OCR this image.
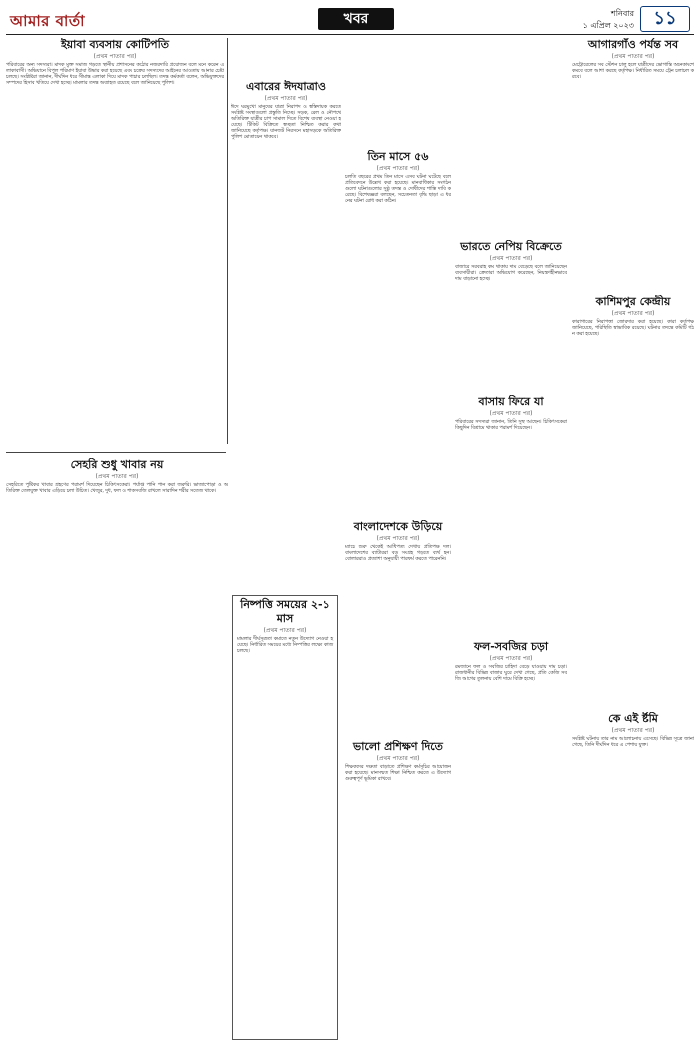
আমার বার্তা	খবর	শনিবার
১ এপ্রিল ২০২৩	১১
ইয়াবা ব্যবসায় কোটিপতি
(প্রথম পাতার পর)
পরিবারের অন্য সদস্যরা। মাদক মুক্ত সমাজ গড়তে স্থানীয় প্রশাসনের কঠোর নজরদারি প্রয়োজন বলে মনে করেন এলাকাবাসী। অভিযানে বিপুল পরিমাণ ইয়াবা উদ্ধার করা হয়েছে এবং চক্রের সদস্যদের আইনের আওতায় আনার চেষ্টা চলছে। সংশ্লিষ্টরা জানান, দীর্ঘদিন ধরে সীমান্ত এলাকা দিয়ে মাদক পাচার চলছিল। তদন্ত কর্মকর্তা বলেন, অভিযুক্তদের সম্পদের হিসাব খতিয়ে দেখা হচ্ছে। মামলার তদন্ত অব্যাহত রয়েছে বলে জানিয়েছে পুলিশ।	এবারের ঈদযাত্রাও
(প্রথম পাতার পর)
ঈদে ঘরমুখো মানুষের যাত্রা নিরাপদ ও স্বস্তিদায়ক করতে সংশ্লিষ্ট সংস্থাগুলো প্রস্তুতি নিচ্ছে। সড়ক, রেল ও নৌপথে অতিরিক্ত যাত্রীর চাপ সামাল দিতে বিশেষ ব্যবস্থা নেওয়া হয়েছে। টিকিট বিক্রিতে স্বচ্ছতা নিশ্চিত করার কথা জানিয়েছে কর্তৃপক্ষ। যানজট নিরসনে মহাসড়কে অতিরিক্ত পুলিশ মোতায়েন থাকবে।
তিন মাসে ৫৬
(প্রথম পাতার পর)
চলতি বছরের প্রথম তিন মাসে এসব ঘটনা ঘটেছে বলে প্রতিবেদনে উল্লেখ করা হয়েছে। মানবাধিকার সংগঠনগুলো ঘটনাগুলোর সুষ্ঠু তদন্ত ও দোষীদের শাস্তি দাবি করেছে। বিশেষজ্ঞরা বলছেন, সচেতনতা বৃদ্ধি ছাড়া এ ধরনের ঘটনা রোধ করা কঠিন।
ভারতে নেপিয় বিক্রেতে
(প্রথম পাতার পর)
বাজারে সরবরাহ কম থাকায় দাম বেড়েছে বলে জানিয়েছেন ব্যবসায়ীরা। ক্রেতারা অভিযোগ করেছেন, নিয়ন্ত্রণহীনভাবে দাম বাড়ানো হচ্ছে।
আগারগাঁও পর্যন্ত সব
(প্রথম পাতার পর)
মেট্রোরেলের সব স্টেশন চালু হলে যাত্রীদের ভোগান্তি অনেকাংশে কমবে বলে আশা করছে কর্তৃপক্ষ। নির্ধারিত সময়ে ট্রেন চলাচল করবে।
কাশিমপুর কেন্দ্রীয়
(প্রথম পাতার পর)
কারাগারের নিরাপত্তা জোরদার করা হয়েছে। কারা কর্তৃপক্ষ জানিয়েছে, পরিস্থিতি স্বাভাবিক রয়েছে। ঘটনার তদন্তে কমিটি গঠন করা হয়েছে।
বাসায় ফিরে যা
(প্রথম পাতার পর)
পরিবারের সদস্যরা জানান, তিনি সুস্থ আছেন। চিকিৎসকেরা কিছুদিন বিশ্রামে থাকার পরামর্শ দিয়েছেন।
বাংলাদেশকে উড়িয়ে
(প্রথম পাতার পর)
ম্যাচে শুরু থেকেই আধিপত্য দেখায় প্রতিপক্ষ দল। বাংলাদেশের ব্যাটাররা বড় সংগ্রহ গড়তে ব্যর্থ হন। বোলাররাও প্রত্যাশা অনুযায়ী পারফর্ম করতে পারেননি।
ফল-সবজির চড়া
(প্রথম পাতার পর)
রমজানে ফল ও সবজির চাহিদা বেড়ে যাওয়ায় দাম চড়া। রাজধানীর বিভিন্ন বাজার ঘুরে দেখা গেছে, প্রতি কেজি সবজি আগের তুলনায় বেশি দামে বিক্রি হচ্ছে।
কে এই র্ষ্টমি
(প্রথম পাতার পর)
সংশ্লিষ্ট ঘটনায় তার নাম আলোচনায় এসেছে। বিভিন্ন সূত্রে জানা গেছে, তিনি দীর্ঘদিন ধরে এ পেশায় যুক্ত।
সেহরি শুধু খাবার নয়
(প্রথম পাতার পর)
সেহরিতে পুষ্টিকর খাবার গ্রহণের পরামর্শ দিয়েছেন চিকিৎসকেরা। পর্যাপ্ত পানি পান করা জরুরি। ভাজাপোড়া ও অতিরিক্ত তেলযুক্ত খাবার এড়িয়ে চলা উচিত। খেজুর, দুধ, ফল ও শাকসবজি রাখলে সারাদিন শরীর সতেজ থাকে।
নিষ্পত্তি সময়ের ২-১ মাস
(প্রথম পাতার পর)
মামলার দীর্ঘসূত্রতা কমাতে নতুন উদ্যোগ নেওয়া হয়েছে। নির্ধারিত সময়ের মধ্যে নিষ্পত্তির লক্ষ্যে কাজ চলছে।
ভালো প্রশিক্ষণ দিতে
(প্রথম পাতার পর)
শিক্ষকদের দক্ষতা বাড়াতে প্রশিক্ষণ কর্মসূচির আয়োজন করা হয়েছে। মানসম্মত শিক্ষা নিশ্চিত করতে এ উদ্যোগ গুরুত্বপূর্ণ ভূমিকা রাখবে।
